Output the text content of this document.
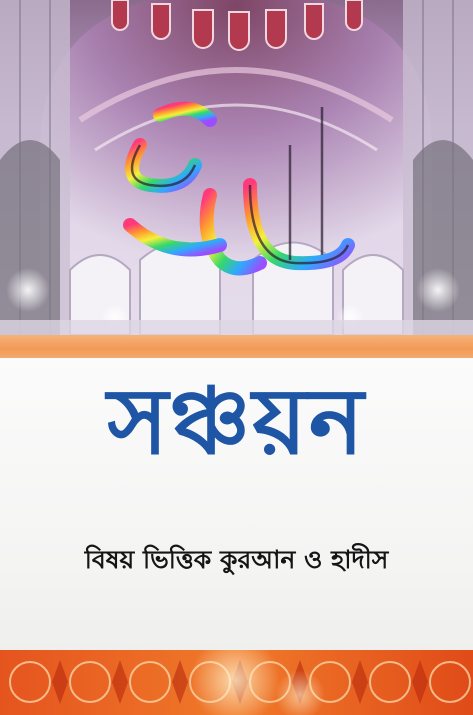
সঞ্চয়ন

বিষয় ভিত্তিক কুরআন ও হাদীস
